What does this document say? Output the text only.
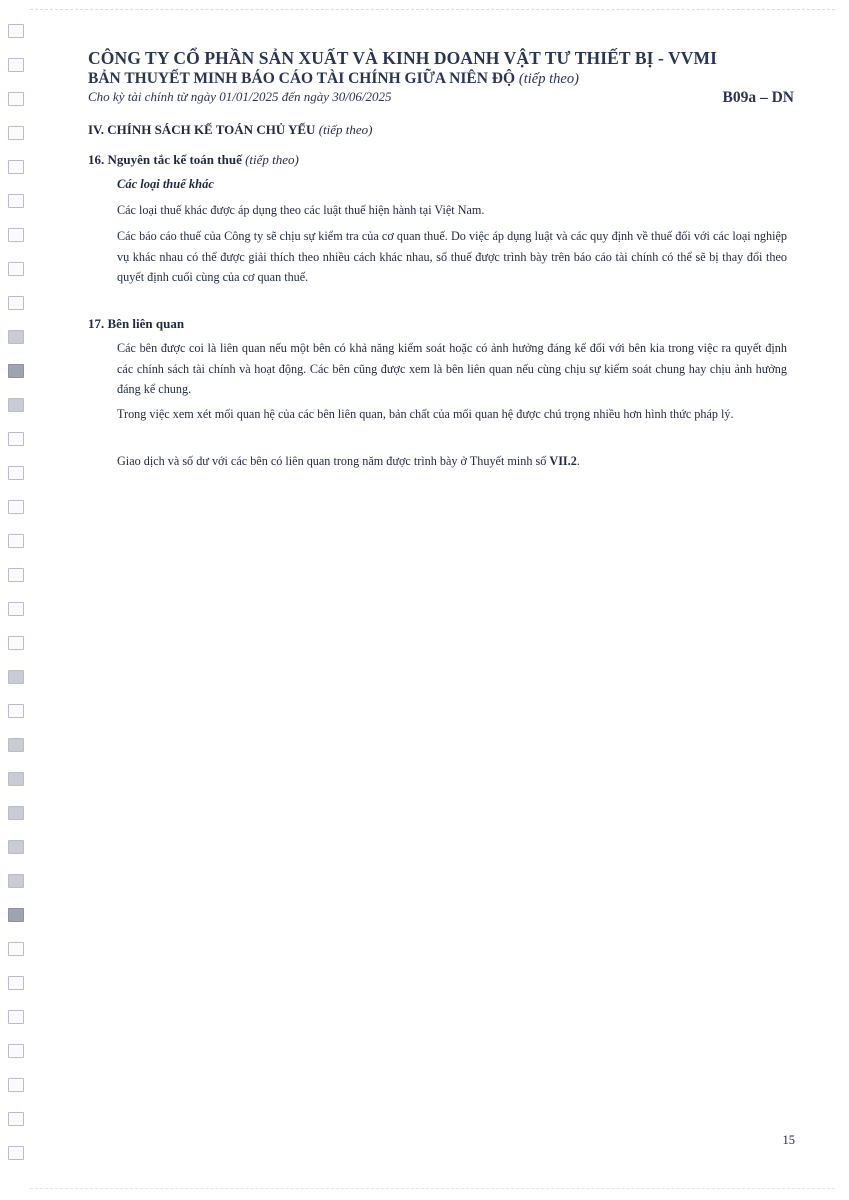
CÔNG TY CỔ PHẦN SẢN XUẤT VÀ KINH DOANH VẬT TƯ THIẾT BỊ - VVMI
BẢN THUYẾT MINH BÁO CÁO TÀI CHÍNH GIỮA NIÊN ĐỘ (tiếp theo)
Cho kỳ tài chính từ ngày 01/01/2025 đến ngày 30/06/2025	B09a – DN
IV. CHÍNH SÁCH KẾ TOÁN CHỦ YẾU (tiếp theo)
16. Nguyên tắc kế toán thuế (tiếp theo)
Các loại thuế khác

Các loại thuế khác được áp dụng theo các luật thuế hiện hành tại Việt Nam.

Các báo cáo thuế của Công ty sẽ chịu sự kiểm tra của cơ quan thuế. Do việc áp dụng luật và các quy định về thuế đối với các loại nghiệp vụ khác nhau có thể được giải thích theo nhiều cách khác nhau, số thuế được trình bày trên báo cáo tài chính có thể sẽ bị thay đổi theo quyết định cuối cùng của cơ quan thuế.

17. Bên liên quan

Các bên được coi là liên quan nếu một bên có khả năng kiểm soát hoặc có ảnh hưởng đáng kể đối với bên kia trong việc ra quyết định các chính sách tài chính và hoạt động. Các bên cũng được xem là bên liên quan nếu cùng chịu sự kiểm soát chung hay chịu ảnh hưởng đáng kể chung.

Trong việc xem xét mối quan hệ của các bên liên quan, bản chất của mối quan hệ được chú trọng nhiều hơn hình thức pháp lý.

Giao dịch và số dư với các bên có liên quan trong năm được trình bày ở Thuyết minh số VII.2.

15
